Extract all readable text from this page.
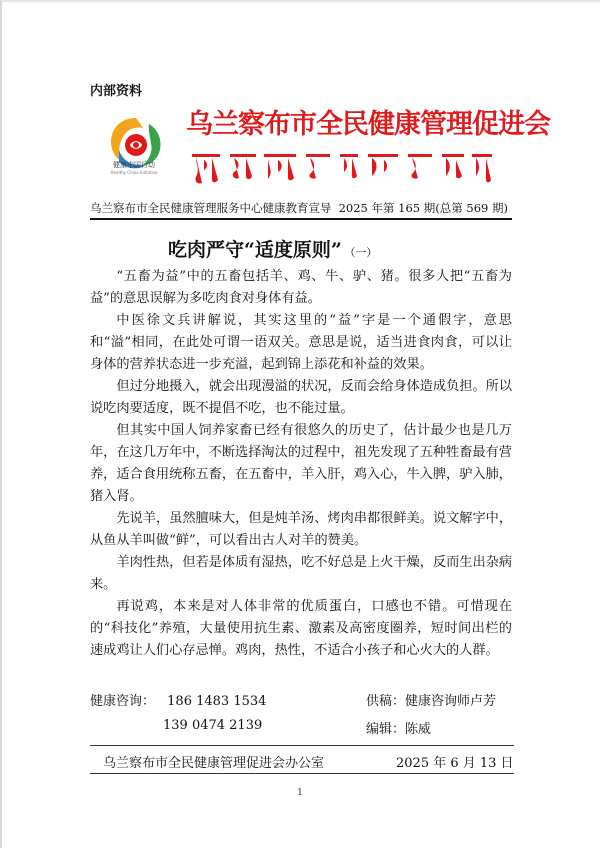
内部资料
健康中国行动
Healthy China Initiative
乌兰察布市全民健康管理促进会
乌兰察布市全民健康管理服务中心健康教育宣导 2025 年第 165 期(总第 569 期)
吃肉严守“适度原则” （一）

“五畜为益”中的五畜包括羊、鸡、牛、驴、猪。很多人把“五畜为益”的意思误解为多吃肉食对身体有益。

中医徐文兵讲解说，其实这里的“益”字是一个通假字，意思和“溢”相同，在此处可谓一语双关。意思是说，适当进食肉食，可以让身体的营养状态进一步充溢，起到锦上添花和补益的效果。

但过分地摄入，就会出现漫溢的状况，反而会给身体造成负担。所以说吃肉要适度，既不提倡不吃，也不能过量。

但其实中国人饲养家畜已经有很悠久的历史了，估计最少也是几万年，在这几万年中，不断选择淘汰的过程中，祖先发现了五种牲畜最有营养，适合食用统称五畜，在五畜中，羊入肝，鸡入心，牛入脾，驴入肺，猪入肾。

先说羊，虽然膻味大，但是炖羊汤、烤肉串都很鲜美。说文解字中，从鱼从羊叫做“鲜”，可以看出古人对羊的赞美。

羊肉性热，但若是体质有湿热，吃不好总是上火干燥，反而生出杂病来。

再说鸡，本来是对人体非常的优质蛋白，口感也不错。可惜现在的“科技化”养殖，大量使用抗生素、激素及高密度圈养，短时间出栏的速成鸡让人们心存忌惮。鸡肉，热性，不适合小孩子和心火大的人群。

健康咨询： 186 1483 1534
139 0474 2139
供稿：健康咨询师卢芳
编辑：陈威
乌兰察布市全民健康管理促进会办公室	2025 年 6 月 13 日
1
